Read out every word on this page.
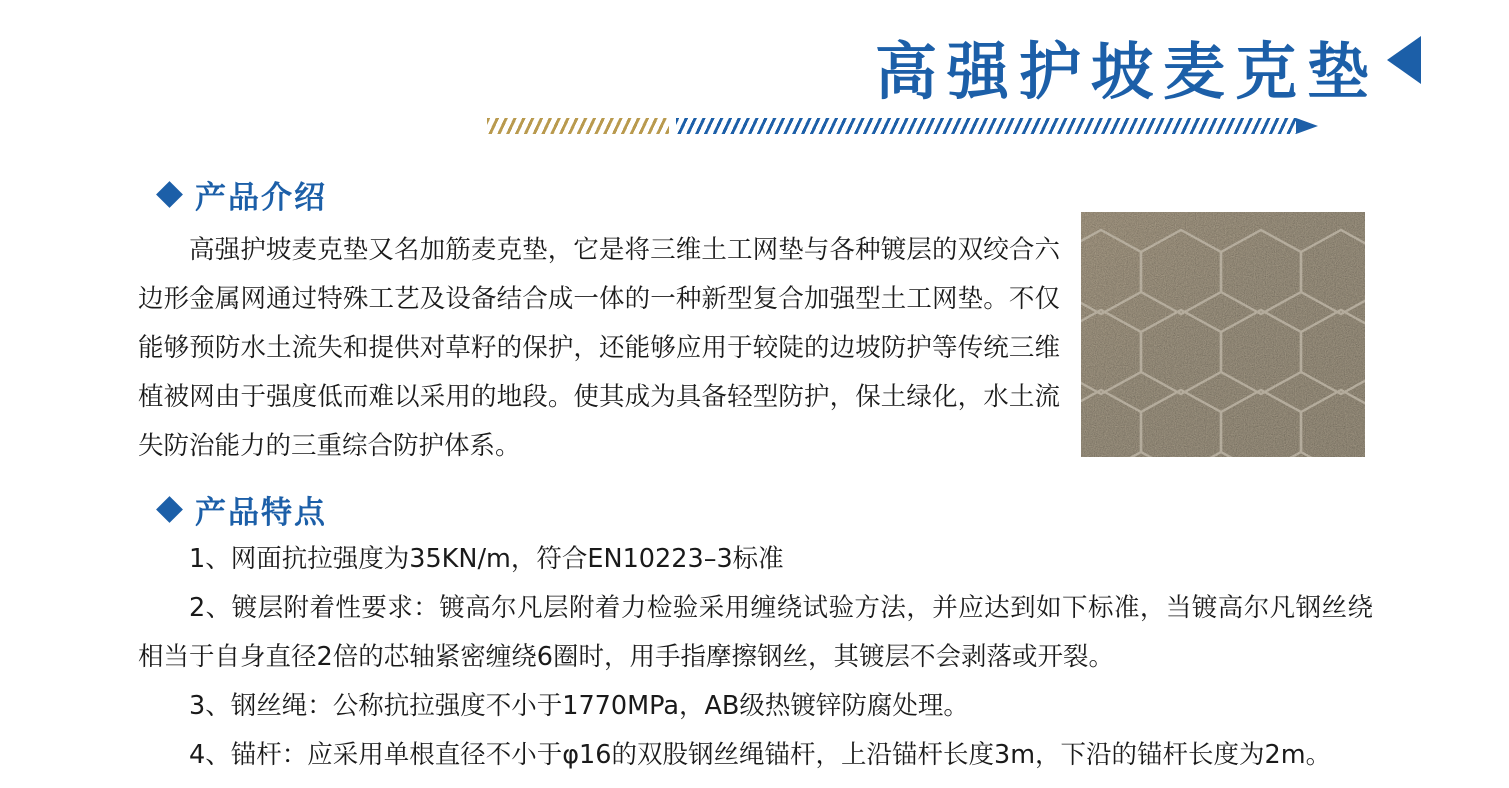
高强护坡麦克垫
产品介绍
高强护坡麦克垫又名加筋麦克垫，它是将三维土工网垫与各种镀层的双绞合六边形金属网通过特殊工艺及设备结合成一体的一种新型复合加强型土工网垫。不仅能够预防水土流失和提供对草籽的保护，还能够应用于较陡的边坡防护等传统三维植被网由于强度低而难以采用的地段。使其成为具备轻型防护，保土绿化，水土流失防治能力的三重综合防护体系。
产品特点

1、网面抗拉强度为35KN/m，符合EN10223–3标准

2、镀层附着性要求：镀高尔凡层附着力检验采用缠绕试验方法，并应达到如下标准，当镀高尔凡钢丝绕相当于自身直径2倍的芯轴紧密缠绕6圈时，用手指摩擦钢丝，其镀层不会剥落或开裂。

3、钢丝绳：公称抗拉强度不小于1770MPa，AB级热镀锌防腐处理。

4、锚杆：应采用单根直径不小于φ16的双股钢丝绳锚杆，上沿锚杆长度3m，下沿的锚杆长度为2m。
